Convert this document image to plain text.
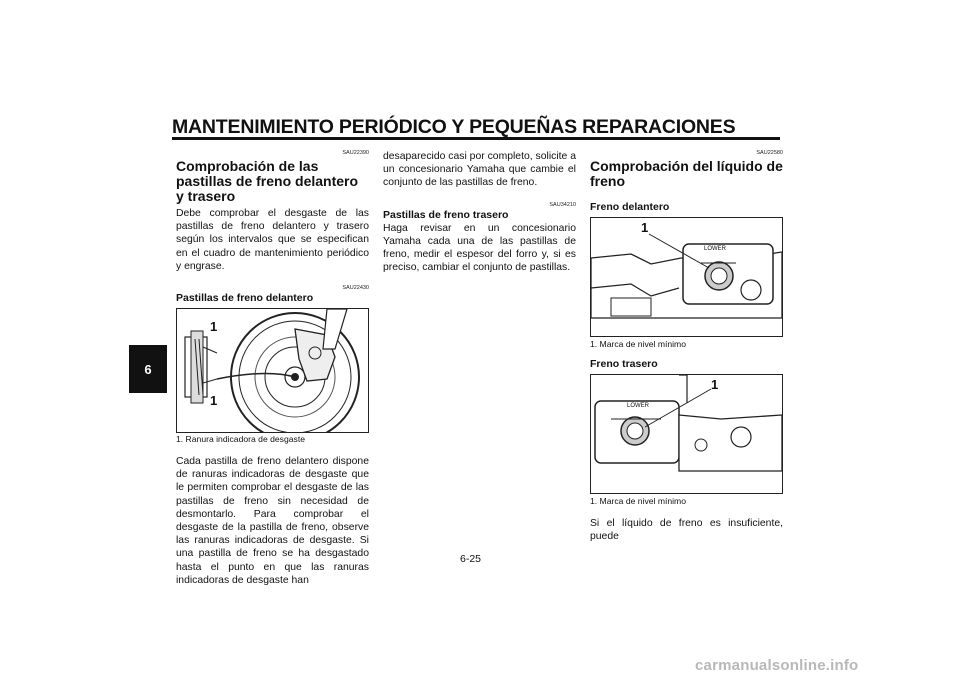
MANTENIMIENTO PERIÓDICO Y PEQUEÑAS REPARACIONES
6
SAU22390
Comprobación de las pastillas de freno delantero y trasero

Debe comprobar el desgaste de las pastillas de freno delantero y trasero según los intervalos que se especifican en el cuadro de mantenimiento periódico y engrase.

SAU22430
Pastillas de freno delantero
1
1

1. Ranura indicadora de desgaste

Cada pastilla de freno delantero dispone de ranuras indicadoras de desgaste que le permiten comprobar el desgaste de las pastillas de freno sin necesidad de desmontarlo. Para comprobar el desgaste de la pastilla de freno, observe las ranuras indicadoras de desgaste. Si una pastilla de freno se ha desgastado hasta el punto en que las ranuras indicadoras de desgaste han

desaparecido casi por completo, solicite a un concesionario Yamaha que cambie el conjunto de las pastillas de freno.

SAU34210
Pastillas de freno trasero

Haga revisar en un concesionario Yamaha cada una de las pastillas de freno, medir el espesor del forro y, si es preciso, cambiar el conjunto de pastillas.

SAU22580
Comprobación del líquido de freno
Freno delantero
1
LOWER

1. Marca de nivel mínimo

Freno trasero
1
LOWER

1. Marca de nivel mínimo

Si el líquido de freno es insuficiente, puede

6-25
carmanualsonline.info
